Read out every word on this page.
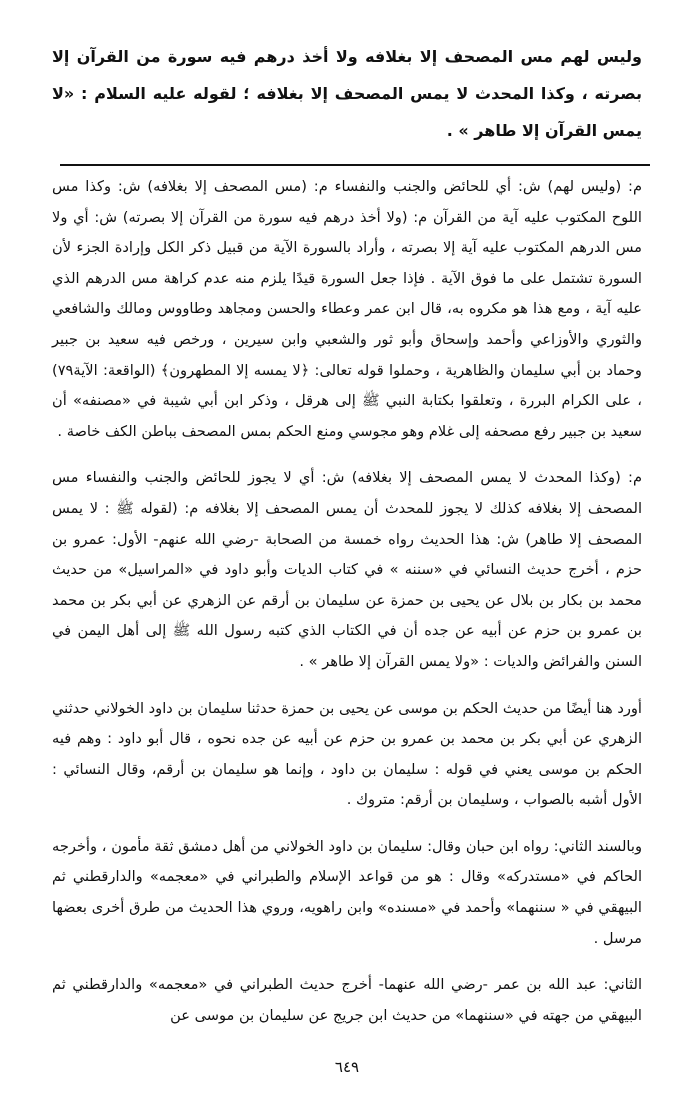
وليس لهم مس المصحف إلا بغلافه ولا أخذ درهم فيه سورة من القرآن إلا بصرته ، وكذا المحدث لا يمس المصحف إلا بغلافه ؛ لقوله عليه السلام : «لا يمس القرآن إلا طاهر » .

م: (وليس لهم) ش: أي للحائض والجنب والنفساء م: (مس المصحف إلا بغلافه) ش: وكذا مس اللوح المكتوب عليه آية من القرآن م: (ولا أخذ درهم فيه سورة من القرآن إلا بصرته) ش: أي ولا مس الدرهم المكتوب عليه آية إلا بصرته ، وأراد بالسورة الآية من قبيل ذكر الكل وإرادة الجزء لأن السورة تشتمل على ما فوق الآية . فإذا جعل السورة قيدًا يلزم منه عدم كراهة مس الدرهم الذي عليه آية ، ومع هذا هو مكروه به، قال ابن عمر وعطاء والحسن ومجاهد وطاووس ومالك والشافعي والثوري والأوزاعي وأحمد وإسحاق وأبو ثور والشعبي وابن سيرين ، ورخص فيه سعيد بن جبير وحماد بن أبي سليمان والظاهرية ، وحملوا قوله تعالى: ﴿لا يمسه إلا المطهرون﴾ (الواقعة: الآية٧٩) ، على الكرام البررة ، وتعلقوا بكتابة النبي ﷺ إلى هرقل ، وذكر ابن أبي شيبة في «مصنفه» أن سعيد بن جبير رفع مصحفه إلى غلام وهو مجوسي ومنع الحكم بمس المصحف بباطن الكف خاصة .

م: (وكذا المحدث لا يمس المصحف إلا بغلافه) ش: أي لا يجوز للحائض والجنب والنفساء مس المصحف إلا بغلافه كذلك لا يجوز للمحدث أن يمس المصحف إلا بغلافه م: (لقوله ﷺ : لا يمس المصحف إلا طاهر) ش: هذا الحديث رواه خمسة من الصحابة -رضي الله عنهم- الأول: عمرو بن حزم ، أخرج حديث النسائي في «سننه » في كتاب الديات وأبو داود في «المراسيل» من حديث محمد بن بكار بن بلال عن يحيى بن حمزة عن سليمان بن أرقم عن الزهري عن أبي بكر بن محمد بن عمرو بن حزم عن أبيه عن جده أن في الكتاب الذي كتبه رسول الله ﷺ إلى أهل اليمن في السنن والفرائض والديات : «ولا يمس القرآن إلا طاهر » .

أورد هنا أيضًا من حديث الحكم بن موسى عن يحيى بن حمزة حدثنا سليمان بن داود الخولاني حدثني الزهري عن أبي بكر بن محمد بن عمرو بن حزم عن أبيه عن جده نحوه ، قال أبو داود : وهم فيه الحكم بن موسى يعني في قوله : سليمان بن داود ، وإنما هو سليمان بن أرقم، وقال النسائي : الأول أشبه بالصواب ، وسليمان بن أرقم: متروك .

وبالسند الثاني: رواه ابن حبان وقال: سليمان بن داود الخولاني من أهل دمشق ثقة مأمون ، وأخرجه الحاكم في «مستدركه» وقال : هو من قواعد الإسلام والطبراني في «معجمه» والدارقطني ثم البيهقي في « سننهما» وأحمد في «مسنده» وابن راهويه، وروي هذا الحديث من طرق أخرى بعضها مرسل .

الثاني: عبد الله بن عمر -رضي الله عنهما- أخرج حديث الطبراني في «معجمه» والدارقطني ثم البيهقي من جهته في «سننهما» من حديث ابن جريج عن سليمان بن موسى عن

٦٤٩
